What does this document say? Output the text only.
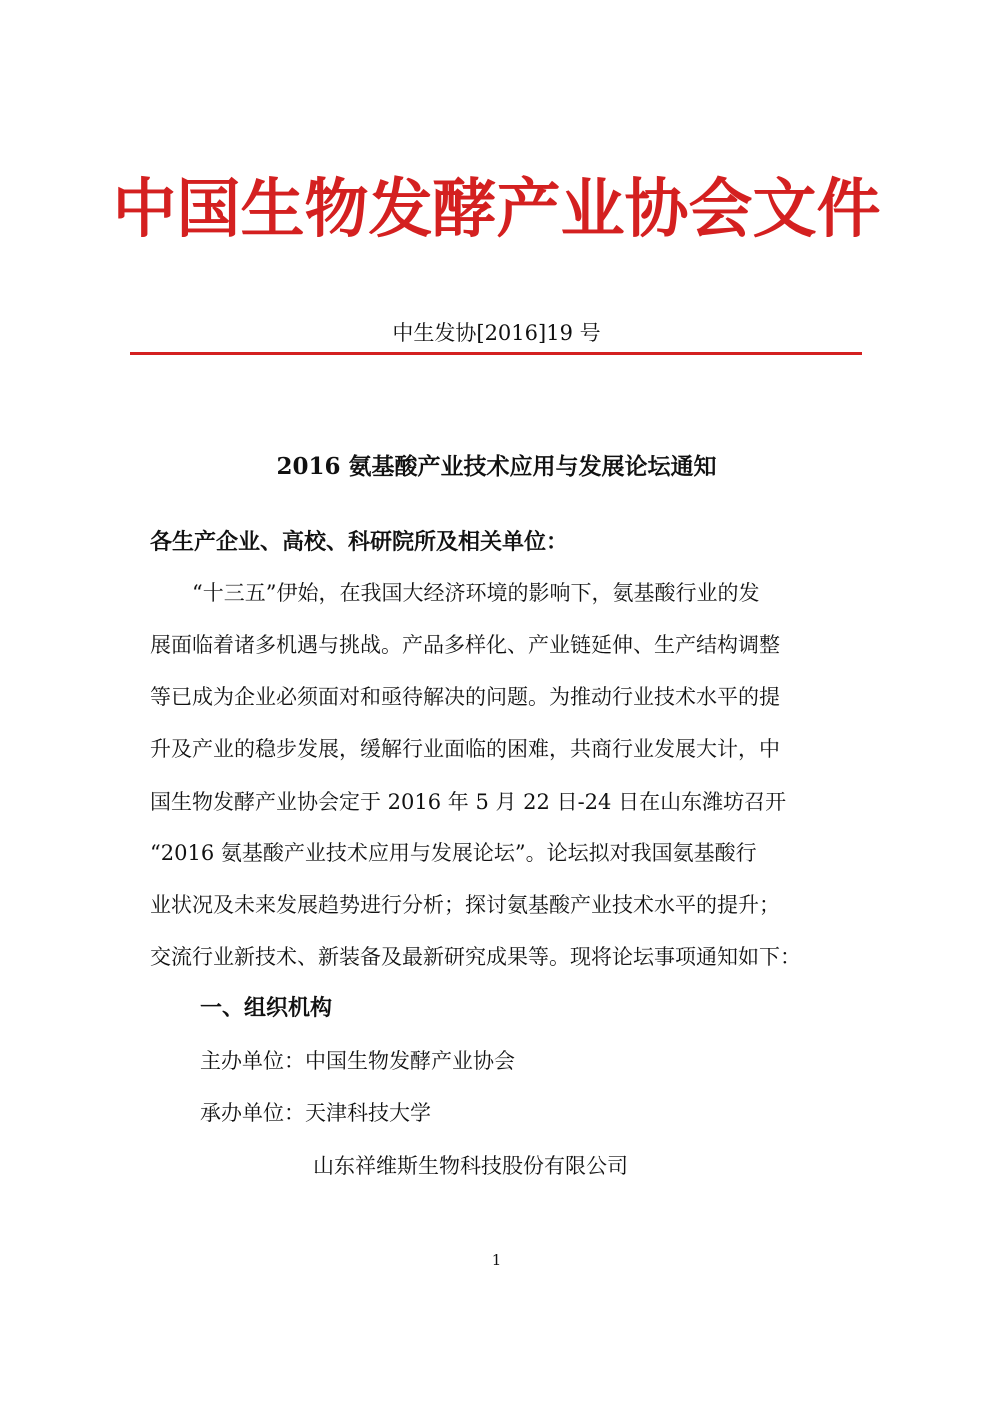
中国生物发酵产业协会文件
中生发协[2016]19 号
2016 氨基酸产业技术应用与发展论坛通知
各生产企业、高校、科研院所及相关单位：
　　“十三五”伊始，在我国大经济环境的影响下，氨基酸行业的发
展面临着诸多机遇与挑战。产品多样化、产业链延伸、生产结构调整
等已成为企业必须面对和亟待解决的问题。为推动行业技术水平的提
升及产业的稳步发展，缓解行业面临的困难，共商行业发展大计，中
国生物发酵产业协会定于 2016 年 5 月 22 日-24 日在山东潍坊召开
“2016 氨基酸产业技术应用与发展论坛”。论坛拟对我国氨基酸行
业状况及未来发展趋势进行分析；探讨氨基酸产业技术水平的提升；
交流行业新技术、新装备及最新研究成果等。现将论坛事项通知如下：
一、组织机构
主办单位：中国生物发酵产业协会
承办单位：天津科技大学
山东祥维斯生物科技股份有限公司
1
